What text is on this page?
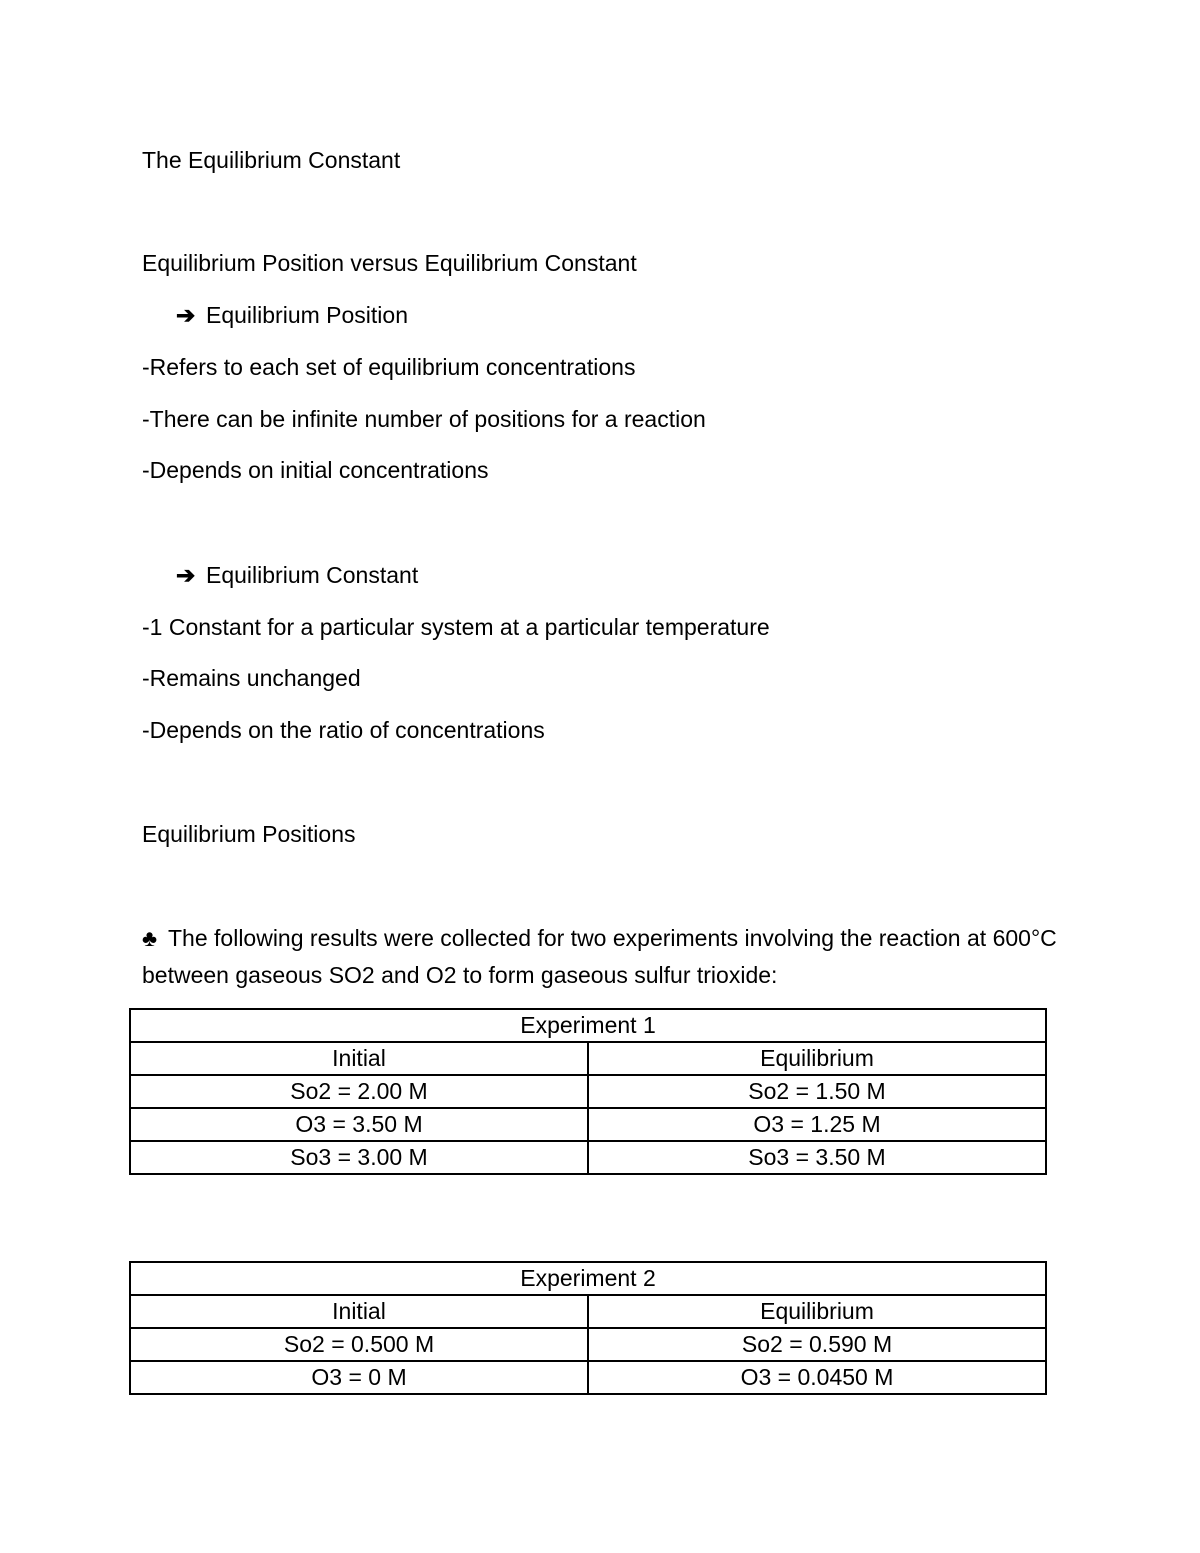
The Equilibrium Constant
Equilibrium Position versus Equilibrium Constant
➔ Equilibrium Position
-Refers to each set of equilibrium concentrations
-There can be infinite number of positions for a reaction
-Depends on initial concentrations
➔ Equilibrium Constant
-1 Constant for a particular system at a particular temperature
-Remains unchanged
-Depends on the ratio of concentrations
Equilibrium Positions
♣ The following results were collected for two experiments involving the reaction at 600°C between gaseous SO2 and O2 to form gaseous sulfur trioxide:
Experiment 1	
Initial	Equilibrium
So2 = 2.00 M	So2 = 1.50 M
O3 = 3.50 M	O3 = 1.25 M
So3 = 3.00 M	So3 = 3.50 M
Experiment 2	
Initial	Equilibrium
So2 = 0.500 M	So2 = 0.590 M
O3 = 0 M	O3 = 0.0450 M
